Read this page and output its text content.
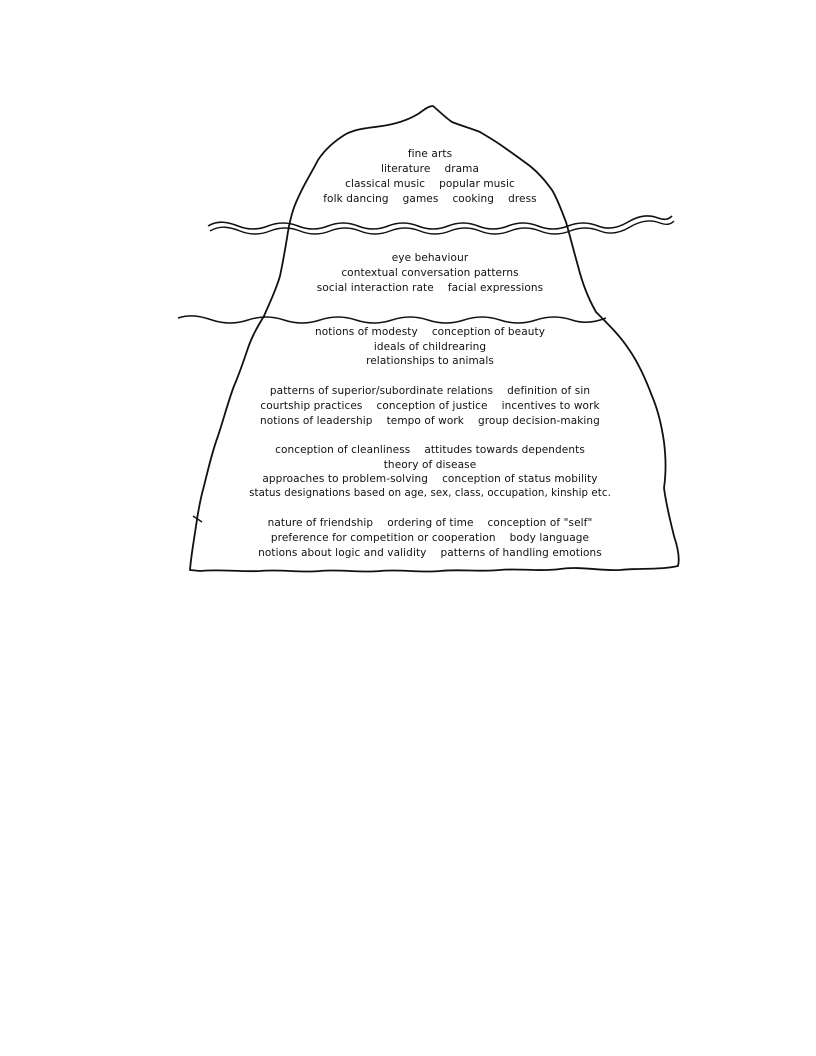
fine arts
literature drama
classical music popular music
folk dancing games cooking dress
eye behaviour
contextual conversation patterns
social interaction rate facial expressions
notions of modesty conception of beauty
ideals of childrearing
relationships to animals
patterns of superior/subordinate relations definition of sin
courtship practices conception of justice incentives to work
notions of leadership tempo of work group decision-making
conception of cleanliness attitudes towards dependents
theory of disease
approaches to problem-solving conception of status mobility
status designations based on age, sex, class, occupation, kinship etc.
nature of friendship ordering of time conception of "self"
preference for competition or cooperation body language
notions about logic and validity patterns of handling emotions
